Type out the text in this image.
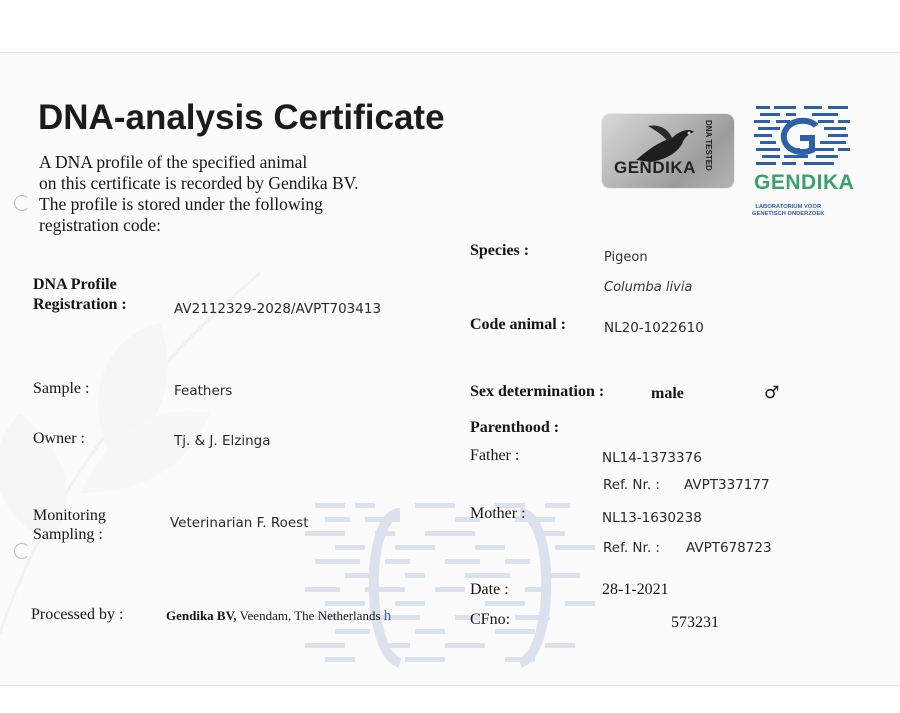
DNA-analysis Certificate
A DNA profile of the specified animal
on this certificate is recorded by Gendika BV.
The profile is stored under the following
registration code:
GENDIKA DNA TESTED
GENDIKA
LABORATORIUM VOOR
GENETISCH ONDERZOEK
DNA Profile
Registration :	AV2112329-2028/AVPT703413
Sample :	Feathers
Owner :	Tj. & J. Elzinga
Monitoring
Sampling :
Veterinarian F. Roest
Processed by :	Gendika BV, Veendam, The Netherlands h
Species :	Pigeon
Columba livia
Code animal :	NL20-1022610
Sex determination :	male	♂
Parenthood :
Father :	NL14-1373376
Ref. Nr. : AVPT337177
Mother :	NL13-1630238
Ref. Nr. : AVPT678723
Date :	28-1-2021
CFno:	573231
